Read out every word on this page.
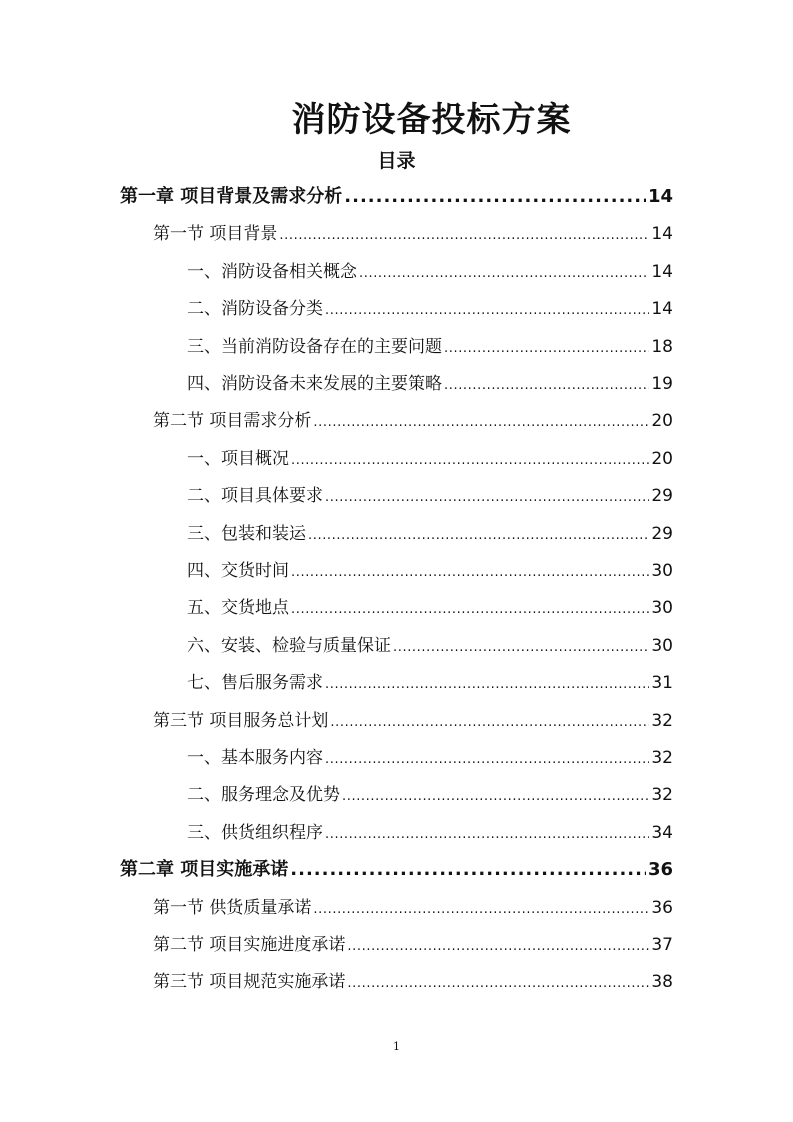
消防设备投标方案
目录
第一章 项目背景及需求分析 .....	14
第一节 项目背景 .....	14
一、消防设备相关概念 .....	14
二、消防设备分类 .....	14
三、当前消防设备存在的主要问题 .....	18
四、消防设备未来发展的主要策略 .....	19
第二节 项目需求分析 .....	20
一、项目概况 .....	20
二、项目具体要求 .....	29
三、包装和装运 .....	29
四、交货时间 .....	30
五、交货地点 .....	30
六、安装、检验与质量保证 .....	30
七、售后服务需求 .....	31
第三节 项目服务总计划 .....	32
一、基本服务内容 .....	32
二、服务理念及优势 .....	32
三、供货组织程序 .....	34
第二章 项目实施承诺 .....	36
第一节 供货质量承诺 .....	36
第二节 项目实施进度承诺 .....	37
第三节 项目规范实施承诺 .....	38
1
